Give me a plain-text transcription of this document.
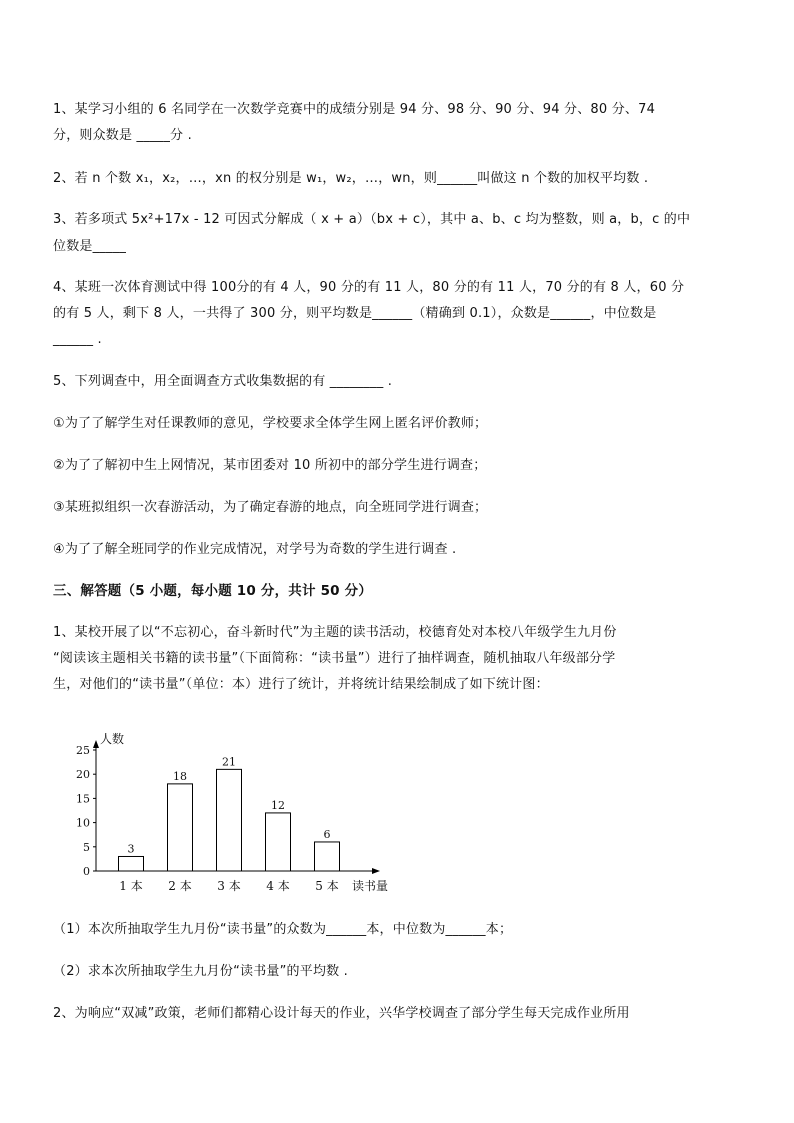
1、某学习小组的 6 名同学在一次数学竞赛中的成绩分别是 94 分、98 分、90 分、94 分、80 分、74
分，则众数是 _____分 .
2、若 n 个数 x₁，x₂，…，xn 的权分别是 w₁，w₂，…，wn，则______叫做这 n 个数的加权平均数 .
3、若多项式 5x²+17x - 12 可因式分解成（ x + a）（bx + c），其中 a、b、c 均为整数，则 a，b，c 的中
位数是_____
4、某班一次体育测试中得 100分的有 4 人，90 分的有 11 人，80 分的有 11 人，70 分的有 8 人，60 分
的有 5 人，剩下 8 人，一共得了 300 分，则平均数是______（精确到 0.1），众数是______，中位数是
______ .
5、下列调查中，用全面调查方式收集数据的有 ________ .
①为了了解学生对任课教师的意见，学校要求全体学生网上匿名评价教师；
②为了了解初中生上网情况，某市团委对 10 所初中的部分学生进行调查；
③某班拟组织一次春游活动，为了确定春游的地点，向全班同学进行调查；
④为了了解全班同学的作业完成情况，对学号为奇数的学生进行调查 .
三、解答题（5 小题，每小题 10 分，共计 50 分）
1、某校开展了以“不忘初心，奋斗新时代”为主题的读书活动，校德育处对本校八年级学生九月份
“阅读该主题相关书籍的读书量”（下面简称：“读书量”）进行了抽样调查，随机抽取八年级部分学
生，对他们的“读书量”（单位：本）进行了统计，并将统计结果绘制成了如下统计图：
人数
读书量
0
5
10
15
20
25
3
1 本
18
2 本
21
3 本
12
4 本
6
5 本
（1）本次所抽取学生九月份“读书量”的众数为______本，中位数为______本；
（2）求本次所抽取学生九月份“读书量”的平均数 .
2、为响应“双减”政策，老师们都精心设计每天的作业，兴华学校调查了部分学生每天完成作业所用
